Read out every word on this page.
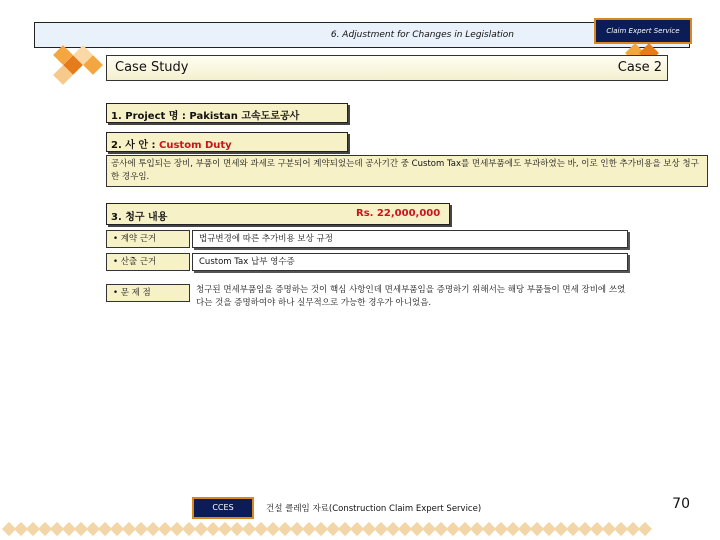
6. Adjustment for Changes in Legislation	Claim Expert Service
Case Study	Case 2
1. Project 명 : Pakistan 고속도로공사
2. 사 안 : Custom Duty
공사에 투입되는 장비, 부품이 면세와 과세로 구분되어 계약되었는데 공사기간 중 Custom Tax를 면세부품에도 부과하였는 바, 이로 인한 추가비용을 보상 청구한 경우임.
3. 청구 내용	Rs. 22,000,000
• 계약 근거	법규변경에 따른 추가비용 보상 규정
• 산출 근거	Custom Tax 납부 영수증
• 문 제 점	청구된 면세부품임을 증명하는 것이 핵심 사항인데 면세부품임을 증명하기 위해서는 해당 부품들이 면세 장비에 쓰였다는 것을 증명하여야 하나 실무적으로 가능한 경우가 아니었음.
CCES	건설 클레임 자료(Construction Claim Expert Service)	70
